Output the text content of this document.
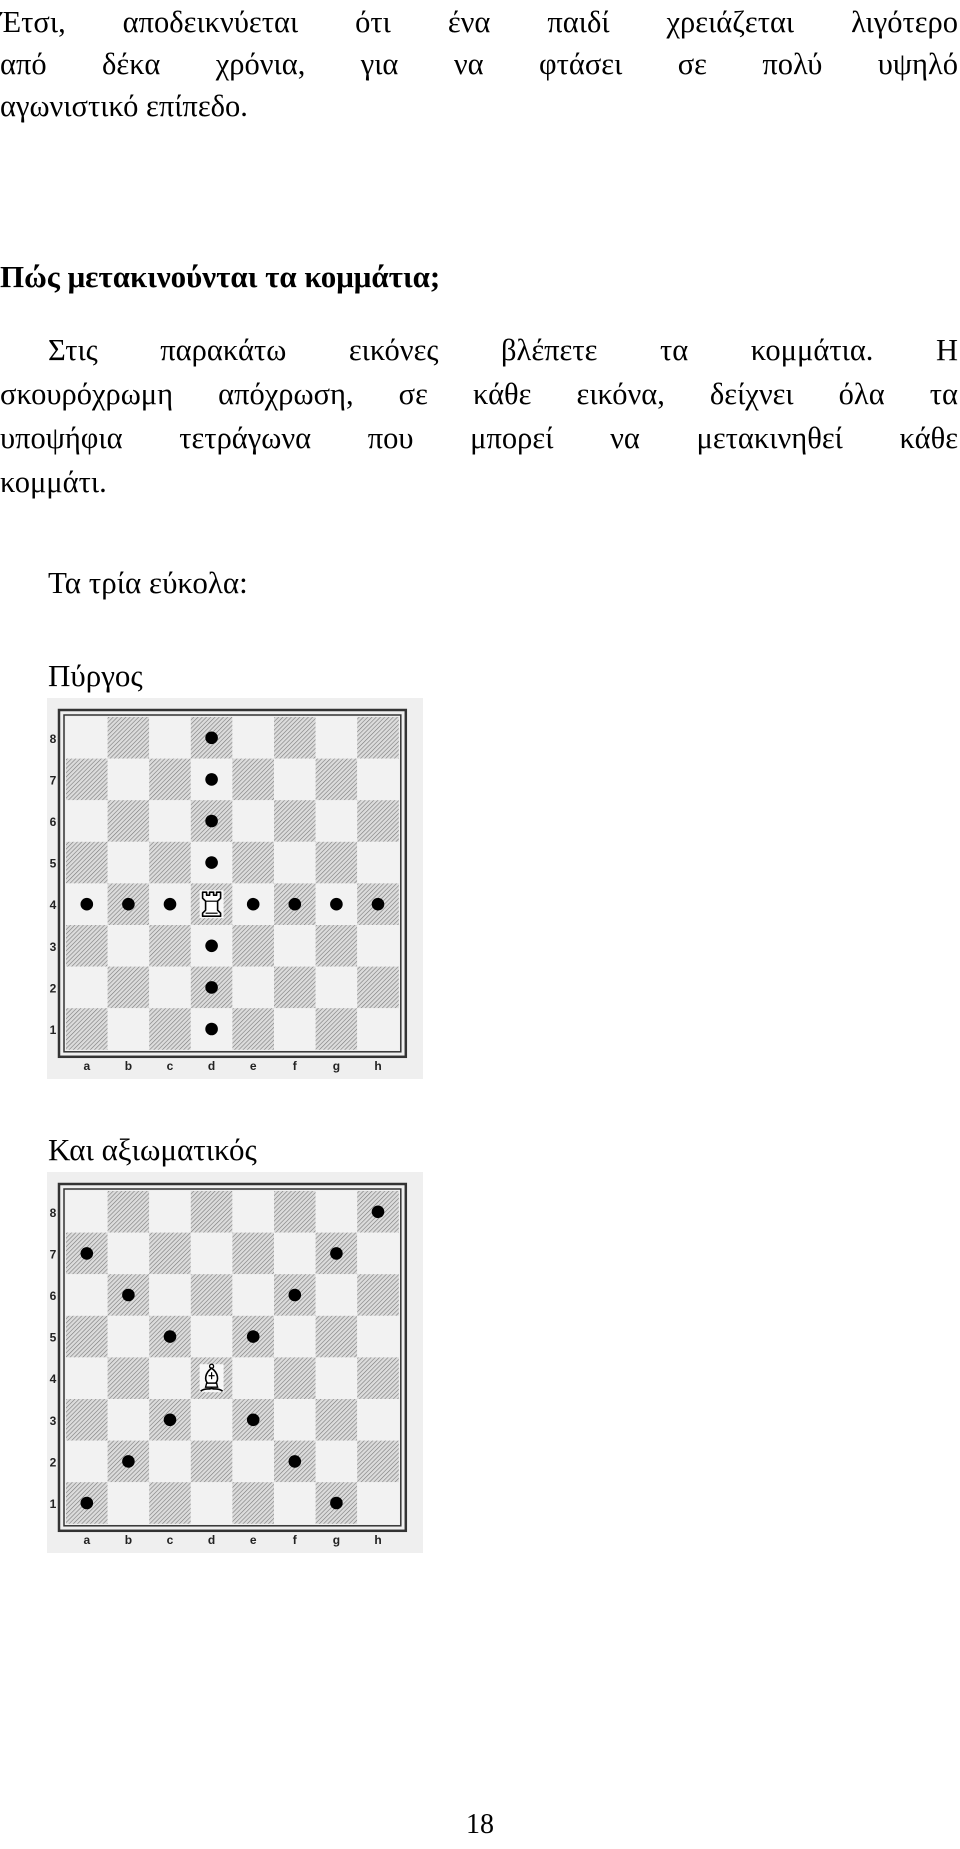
Έτσι, αποδεικνύεται ότι ένα παιδί χρειάζεται λιγότερο

από δέκα χρόνια, για να φτάσει σε πολύ υψηλό

αγωνιστικό επίπεδο.

Πώς μετακινούνται τα κομμάτια;

Στις παρακάτω εικόνες βλέπετε τα κομμάτια. Η

σκουρόχρωμη απόχρωση, σε κάθε εικόνα, δείχνει όλα τα

υποψήφια τετράγωνα που μπορεί να μετακινηθεί κάθε

κομμάτι.

Τα τρία εύκολα:

Πύργος

8
7
6
5
4
3
2
1
a	b	c	d	e	f	g	h

Και αξιωματικός

8
7
6
5
4
3
2
1
a	b	c	d	e	f	g	h
18
